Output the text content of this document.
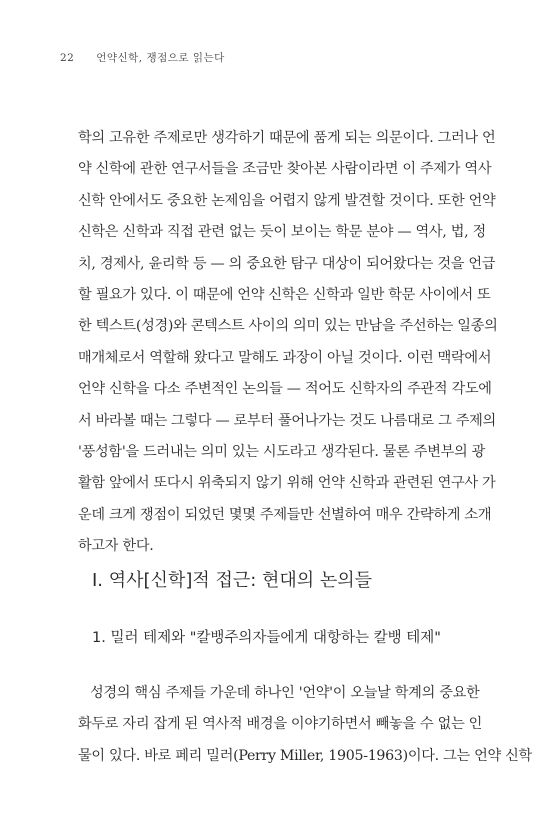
22 언약신학, 쟁점으로 읽는다
학의 고유한 주제로만 생각하기 때문에 품게 되는 의문이다. 그러나 언
약 신학에 관한 연구서들을 조금만 찾아본 사람이라면 이 주제가 역사
신학 안에서도 중요한 논제임을 어렵지 않게 발견할 것이다. 또한 언약
신학은 신학과 직접 관련 없는 듯이 보이는 학문 분야 — 역사, 법, 정
치, 경제사, 윤리학 등 — 의 중요한 탐구 대상이 되어왔다는 것을 언급
할 필요가 있다. 이 때문에 언약 신학은 신학과 일반 학문 사이에서 또
한 텍스트(성경)와 콘텍스트 사이의 의미 있는 만남을 주선하는 일종의
매개체로서 역할해 왔다고 말해도 과장이 아닐 것이다. 이런 맥락에서
언약 신학을 다소 주변적인 논의들 — 적어도 신학자의 주관적 각도에
서 바라볼 때는 그렇다 — 로부터 풀어나가는 것도 나름대로 그 주제의
'풍성함'을 드러내는 의미 있는 시도라고 생각된다. 물론 주변부의 광
활함 앞에서 또다시 위축되지 않기 위해 언약 신학과 관련된 연구사 가
운데 크게 쟁점이 되었던 몇몇 주제들만 선별하여 매우 간략하게 소개
하고자 한다.
I. 역사[신학]적 접근: 현대의 논의들
1. 밀러 테제와 "칼뱅주의자들에게 대항하는 칼뱅 테제"
성경의 핵심 주제들 가운데 하나인 '언약'이 오늘날 학계의 중요한
화두로 자리 잡게 된 역사적 배경을 이야기하면서 빼놓을 수 없는 인
물이 있다. 바로 페리 밀러(Perry Miller, 1905-1963)이다. 그는 언약 신학
